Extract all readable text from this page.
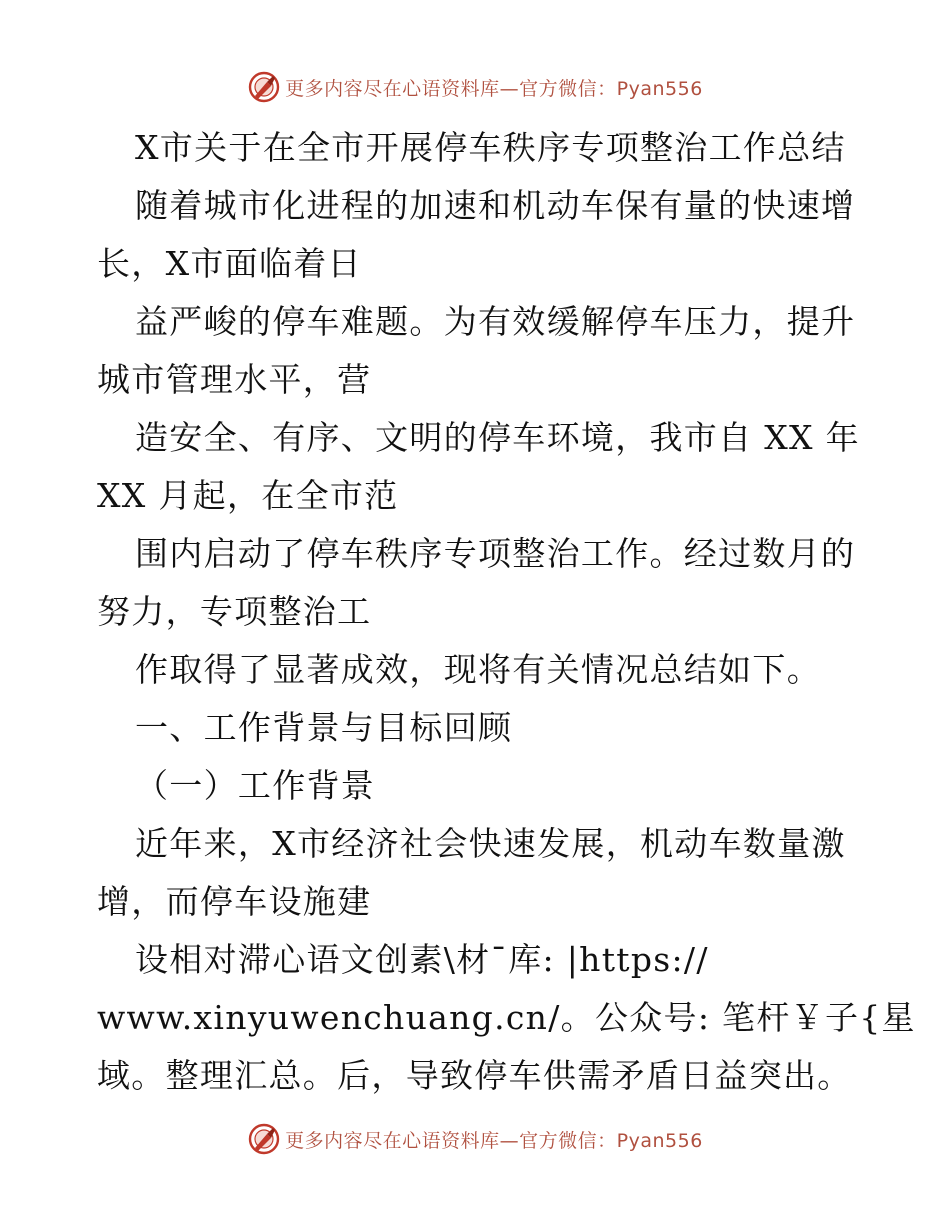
更多内容尽在心语资料库—官方微信：Pyan556
X市关于在全市开展停车秩序专项整治工作总结
随着城市化进程的加速和机动车保有量的快速增
长，X市面临着日
益严峻的停车难题。为有效缓解停车压力，提升
城市管理水平，营
造安全、有序、文明的停车环境，我市自 XX 年
XX 月起，在全市范
围内启动了停车秩序专项整治工作。经过数月的
努力，专项整治工
作取得了显著成效，现将有关情况总结如下。
一、工作背景与目标回顾
（一）工作背景
近年来，X市经济社会快速发展，机动车数量激
增，而停车设施建
设相对滞心语文创素\材¯库: |https://
www.xinyuwenchuang.cn/。公众号: 笔杆￥子{星
域。整理汇总。后，导致停车供需矛盾日益突出。
更多内容尽在心语资料库—官方微信：Pyan556
